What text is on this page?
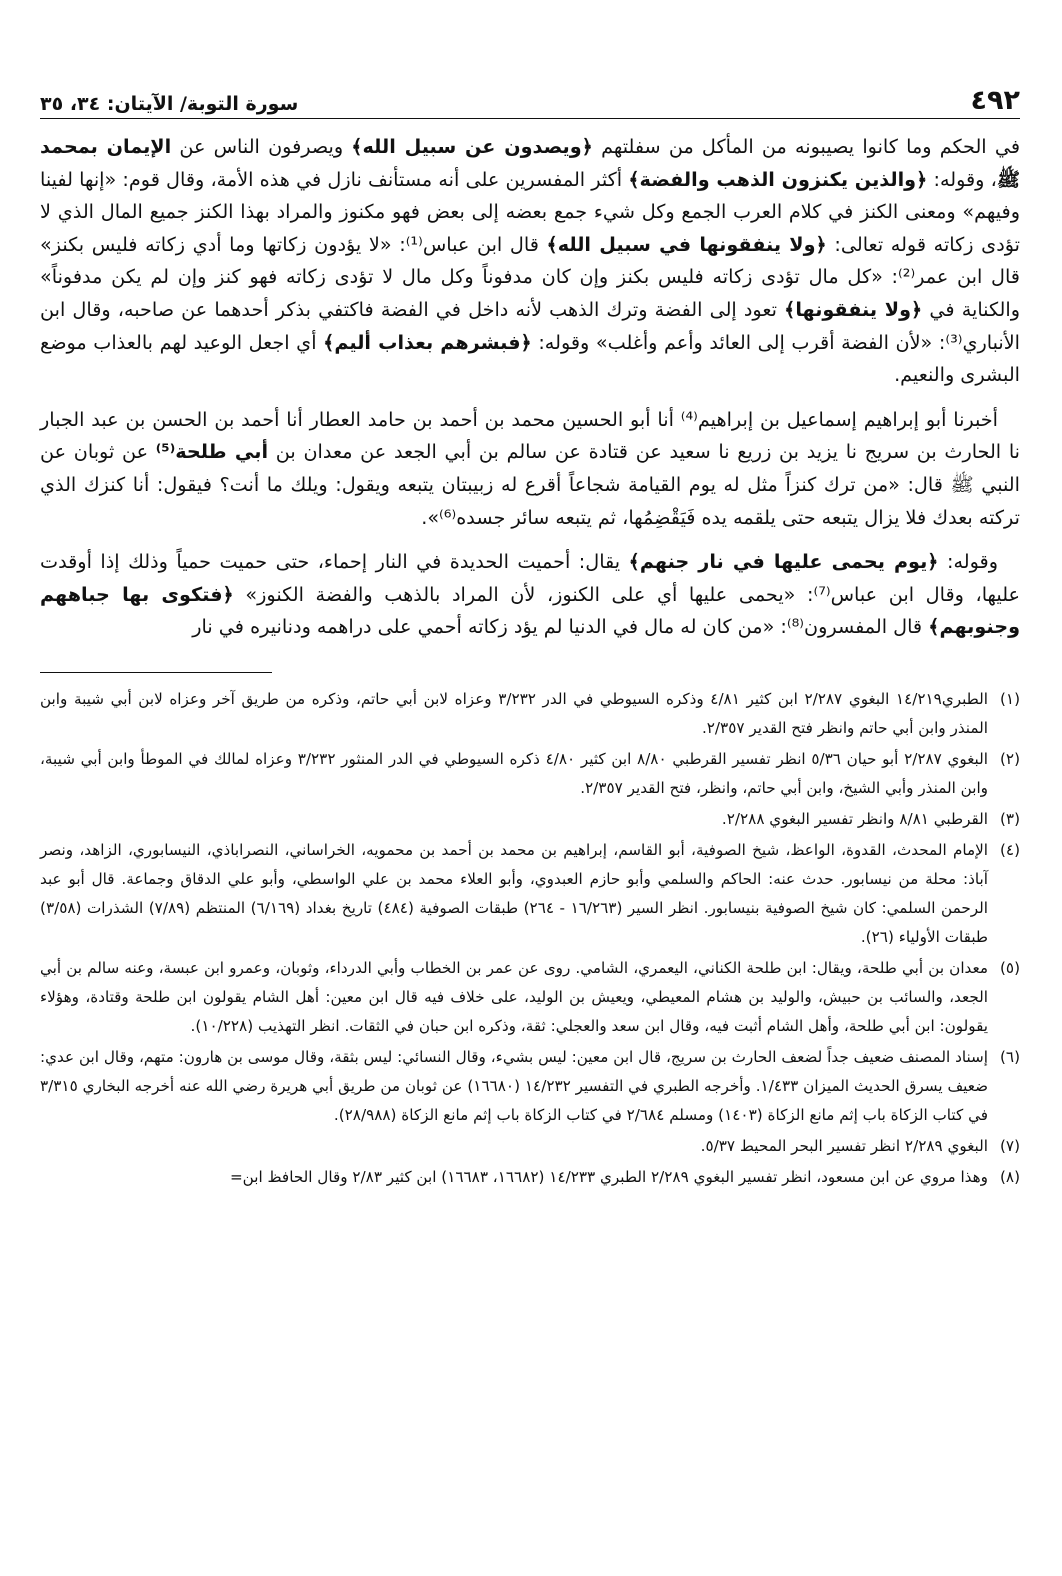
٤٩٢
سورة التوبة/ الآيتان: ٣٤، ٣٥

في الحكم وما كانوا يصيبونه من المأكل من سفلتهم ﴿ويصدون عن سبيل الله﴾ ويصرفون الناس عن الإيمان بمحمد ﷺ، وقوله: ﴿والذين يكنزون الذهب والفضة﴾ أكثر المفسرين على أنه مستأنف نازل في هذه الأمة، وقال قوم: «إنها لفينا وفيهم» ومعنى الكنز في كلام العرب الجمع وكل شيء جمع بعضه إلى بعض فهو مكنوز والمراد بهذا الكنز جميع المال الذي لا تؤدى زكاته قوله تعالى: ﴿ولا ينفقونها في سبيل الله﴾ قال ابن عباس⁽¹⁾: «لا يؤدون زكاتها وما أدي زكاته فليس بكنز» قال ابن عمر⁽²⁾: «كل مال تؤدى زكاته فليس بكنز وإن كان مدفوناً وكل مال لا تؤدى زكاته فهو كنز وإن لم يكن مدفوناً» والكناية في ﴿ولا ينفقونها﴾ تعود إلى الفضة وترك الذهب لأنه داخل في الفضة فاكتفي بذكر أحدهما عن صاحبه، وقال ابن الأنباري⁽³⁾: «لأن الفضة أقرب إلى العائد وأعم وأغلب» وقوله: ﴿فبشرهم بعذاب أليم﴾ أي اجعل الوعيد لهم بالعذاب موضع البشرى والنعيم.

أخبرنا أبو إبراهيم إسماعيل بن إبراهيم⁽⁴⁾ أنا أبو الحسين محمد بن أحمد بن حامد العطار أنا أحمد بن الحسن بن عبد الجبار نا الحارث بن سريج نا يزيد بن زريع نا سعيد عن قتادة عن سالم بن أبي الجعد عن معدان بن أبي طلحة⁽⁵⁾ عن ثوبان عن النبي ﷺ قال: «من ترك كنزاً مثل له يوم القيامة شجاعاً أقرع له زبيبتان يتبعه ويقول: ويلك ما أنت؟ فيقول: أنا كنزك الذي تركته بعدك فلا يزال يتبعه حتى يلقمه يده فَيَقْضِمُها، ثم يتبعه سائر جسده⁽⁶⁾».

وقوله: ﴿يوم يحمى عليها في نار جنهم﴾ يقال: أحميت الحديدة في النار إحماء، حتى حميت حمياً وذلك إذا أوقدت عليها، وقال ابن عباس⁽⁷⁾: «يحمى عليها أي على الكنوز، لأن المراد بالذهب والفضة الكنوز» ﴿فتكوى بها جباههم وجنوبهم﴾ قال المفسرون⁽⁸⁾: «من كان له مال في الدنيا لم يؤد زكاته أحمي على دراهمه ودنانيره في نار

(١)
الطبري١٤/٢١٩ البغوي ٢/٢٨٧ ابن كثير ٤/٨١ وذكره السيوطي في الدر ٣/٢٣٢ وعزاه لابن أبي حاتم، وذكره من طريق آخر وعزاه لابن أبي شيبة وابن المنذر وابن أبي حاتم وانظر فتح القدير ٢/٣٥٧.
(٢)
البغوي ٢/٢٨٧ أبو حيان ٥/٣٦ انظر تفسير القرطبي ٨/٨٠ ابن كثير ٤/٨٠ ذكره السيوطي في الدر المنثور ٣/٢٣٢ وعزاه لمالك في الموطأ وابن أبي شيبة، وابن المنذر وأبي الشيخ، وابن أبي حاتم، وانظر، فتح القدير ٢/٣٥٧.
(٣)
القرطبي ٨/٨١ وانظر تفسير البغوي ٢/٢٨٨.
(٤)
الإمام المحدث، القدوة، الواعظ، شيخ الصوفية، أبو القاسم، إبراهيم بن محمد بن أحمد بن محمويه، الخراساني، النصراباذي، النيسابوري، الزاهد، ونصر آباذ: محلة من نيسابور. حدث عنه: الحاكم والسلمي وأبو حازم العبدوي، وأبو العلاء محمد بن علي الواسطي، وأبو علي الدقاق وجماعة. قال أبو عبد الرحمن السلمي: كان شيخ الصوفية بنيسابور. انظر السير (١٦/٢٦٣ - ٢٦٤) طبقات الصوفية (٤٨٤) تاريخ بغداد (٦/١٦٩) المنتظم (٧/٨٩) الشذرات (٣/٥٨) طبقات الأولياء (٢٦).
(٥)
معدان بن أبي طلحة، ويقال: ابن طلحة الكناني، اليعمري، الشامي. روى عن عمر بن الخطاب وأبي الدرداء، وثوبان، وعمرو ابن عبسة، وعنه سالم بن أبي الجعد، والسائب بن حبيش، والوليد بن هشام المعيطي، ويعيش بن الوليد، على خلاف فيه قال ابن معين: أهل الشام يقولون ابن طلحة وقتادة، وهؤلاء يقولون: ابن أبي طلحة، وأهل الشام أثبت فيه، وقال ابن سعد والعجلي: ثقة، وذكره ابن حبان في الثقات. انظر التهذيب (١٠/٢٢٨).
(٦)
إسناد المصنف ضعيف جداً لضعف الحارث بن سريج، قال ابن معين: ليس بشيء، وقال النسائي: ليس بثقة، وقال موسى بن هارون: متهم، وقال ابن عدي: ضعيف يسرق الحديث الميزان ١/٤٣٣. وأخرجه الطبري في التفسير ١٤/٢٣٢ (١٦٦٨٠) عن ثوبان من طريق أبي هريرة رضي الله عنه أخرجه البخاري ٣/٣١٥ في كتاب الزكاة باب إثم مانع الزكاة (١٤٠٣) ومسلم ٢/٦٨٤ في كتاب الزكاة باب إثم مانع الزكاة (٢٨/٩٨٨).
(٧)
البغوي ٢/٢٨٩ انظر تفسير البحر المحيط ٥/٣٧.
(٨)
وهذا مروي عن ابن مسعود، انظر تفسير البغوي ٢/٢٨٩ الطبري ١٤/٢٣٣ (١٦٦٨٢، ١٦٦٨٣) ابن كثير ٢/٨٣ وقال الحافظ ابن=
